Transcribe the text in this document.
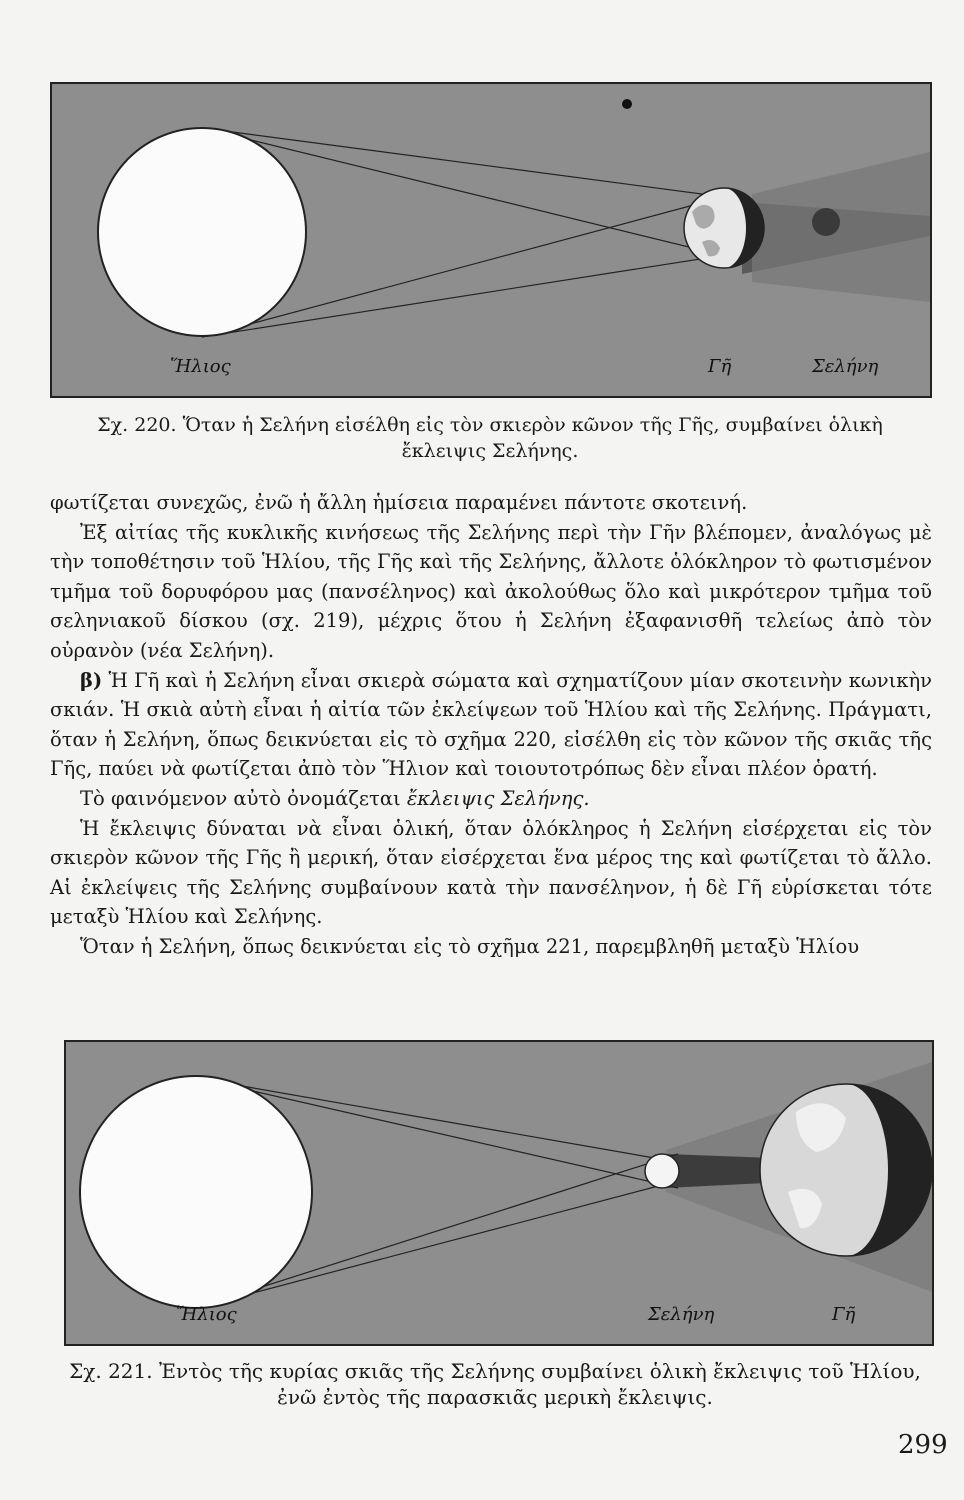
Ἥλιος	Γῆ	Σελήνη
Σχ. 220. Ὅταν ἡ Σελήνη εἰσέλθη εἰς τὸν σκιερὸν κῶνον τῆς Γῆς, συμβαίνει ὁλικὴ
ἔκλειψις Σελήνης.

φωτίζεται συνεχῶς, ἐνῶ ἡ ἄλλη ἡμίσεια παραμένει πάντοτε σκοτεινή.

Ἐξ αἰτίας τῆς κυκλικῆς κινήσεως τῆς Σελήνης περὶ τὴν Γῆν βλέπομεν, ἀναλόγως μὲ τὴν τοποθέτησιν τοῦ Ἡλίου, τῆς Γῆς καὶ τῆς Σελήνης, ἄλλοτε ὁλόκληρον τὸ φωτισμένον τμῆμα τοῦ δορυφόρου μας (πανσέληνος) καὶ ἀκολούθως ὅλο καὶ μικρότερον τμῆμα τοῦ σεληνιακοῦ δίσκου (σχ. 219), μέχρις ὅτου ἡ Σελήνη ἐξαφανισθῆ τελείως ἀπὸ τὸν οὐρανὸν (νέα Σελήνη).

β) Ἡ Γῆ καὶ ἡ Σελήνη εἶναι σκιερὰ σώματα καὶ σχηματίζουν μίαν σκοτεινὴν κωνικὴν σκιάν. Ἡ σκιὰ αὐτὴ εἶναι ἡ αἰτία τῶν ἐκλείψεων τοῦ Ἡλίου καὶ τῆς Σελήνης. Πράγματι, ὅταν ἡ Σελήνη, ὅπως δεικνύεται εἰς τὸ σχῆμα 220, εἰσέλθη εἰς τὸν κῶνον τῆς σκιᾶς τῆς Γῆς, παύει νὰ φωτίζεται ἀπὸ τὸν Ἥλιον καὶ τοιουτοτρόπως δὲν εἶναι πλέον ὁρατή.

Τὸ φαινόμενον αὐτὸ ὀνομάζεται ἔκλειψις Σελήνης.

Ἡ ἔκλειψις δύναται νὰ εἶναι ὁλική, ὅταν ὁλόκληρος ἡ Σελήνη εἰσέρχεται εἰς τὸν σκιερὸν κῶνον τῆς Γῆς ἢ μερική, ὅταν εἰσέρχεται ἕνα μέρος της καὶ φωτίζεται τὸ ἄλλο. Αἱ ἐκλείψεις τῆς Σελήνης συμβαίνουν κατὰ τὴν πανσέληνον, ἡ δὲ Γῆ εὑρίσκεται τότε μεταξὺ Ἡλίου καὶ Σελήνης.

Ὅταν ἡ Σελήνη, ὅπως δεικνύεται εἰς τὸ σχῆμα 221, παρεμβληθῆ μεταξὺ Ἡλίου

Ἥλιος	Σελήνη	Γῆ
Σχ. 221. Ἐντὸς τῆς κυρίας σκιᾶς τῆς Σελήνης συμβαίνει ὁλικὴ ἔκλειψις τοῦ Ἡλίου,
ἐνῶ ἐντὸς τῆς παρασκιᾶς μερικὴ ἔκλειψις.
299
